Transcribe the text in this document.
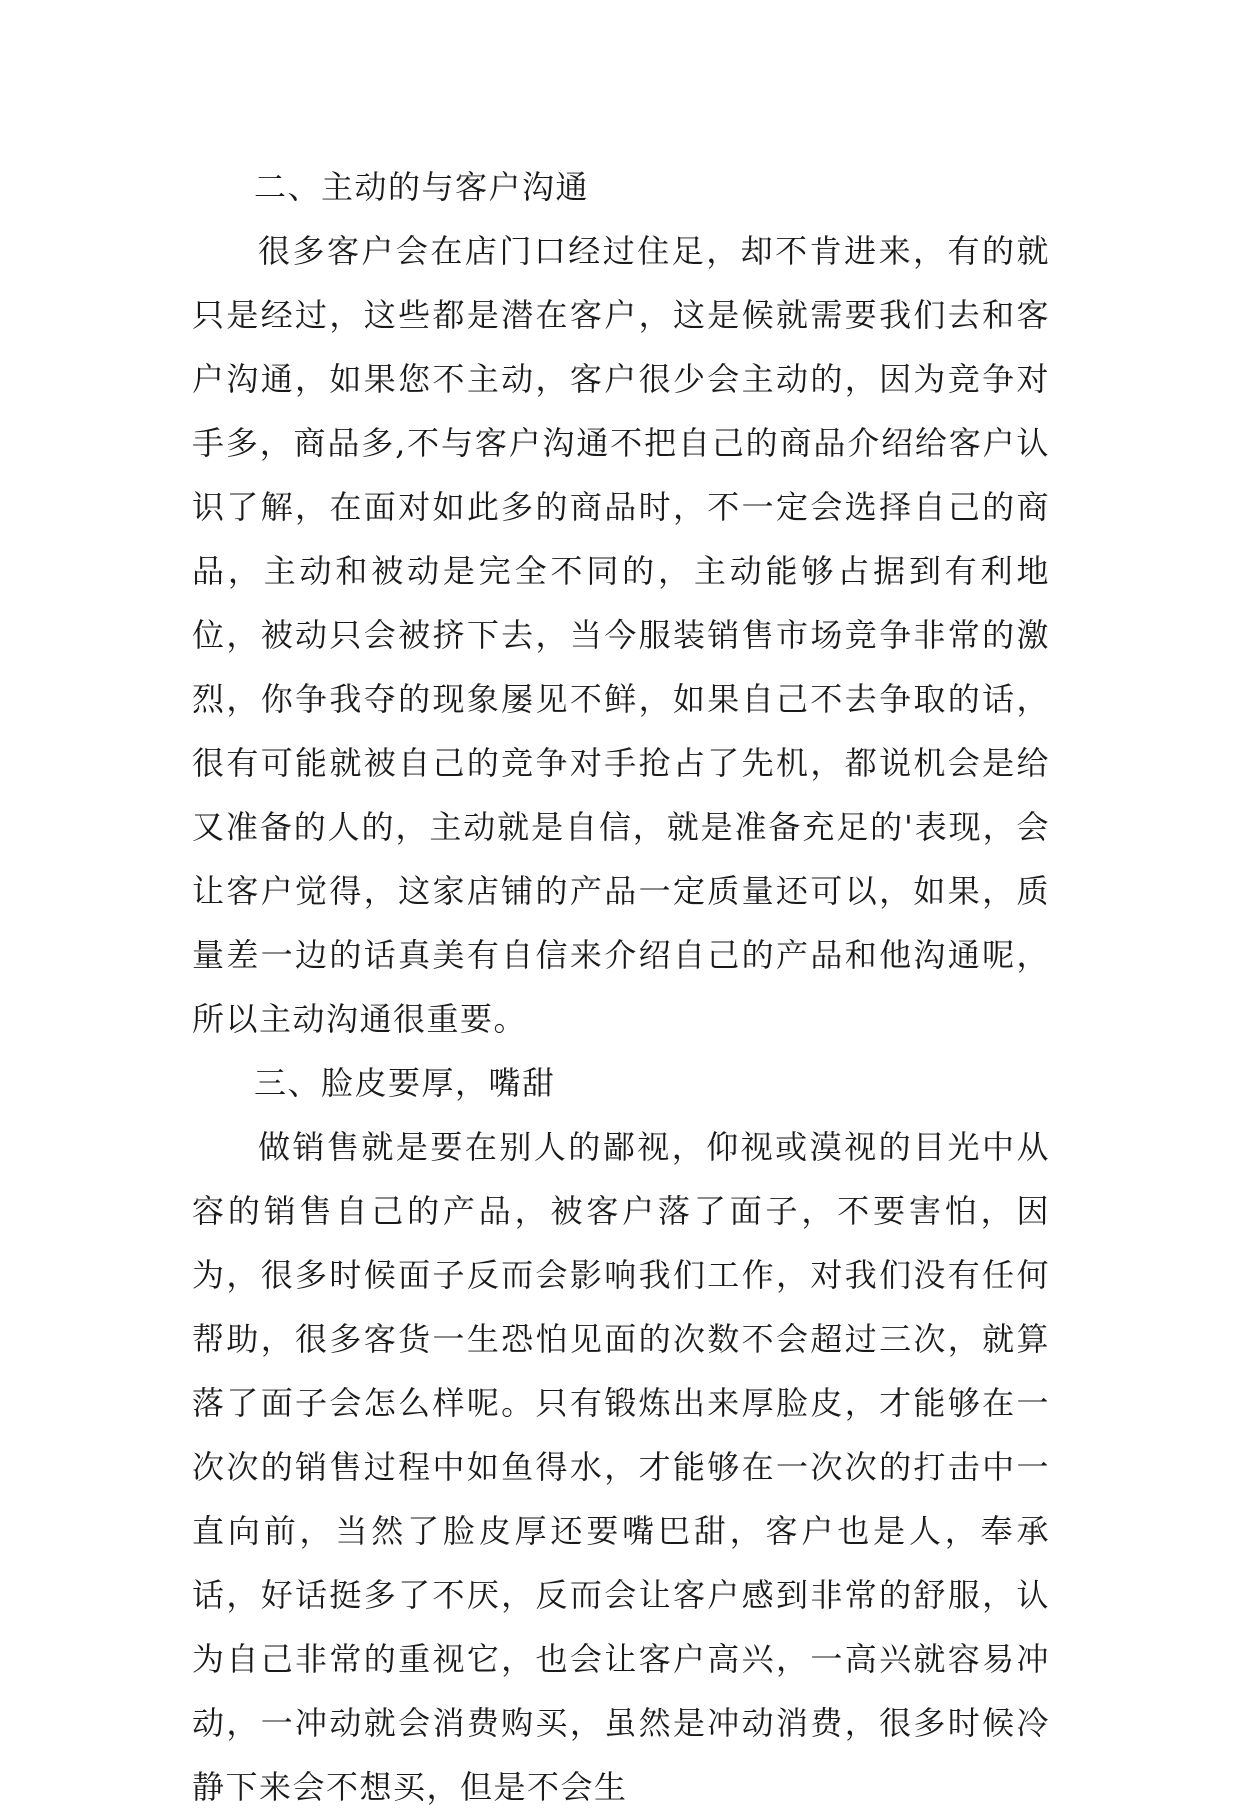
二、主动的与客户沟通

很多客户会在店门口经过住足，却不肯进来，有的就只是经过，这些都是潜在客户，这是候就需要我们去和客户沟通，如果您不主动，客户很少会主动的，因为竞争对手多，商品多,不与客户沟通不把自己的商品介绍给客户认识了解，在面对如此多的商品时，不一定会选择自己的商品，主动和被动是完全不同的，主动能够占据到有利地位，被动只会被挤下去，当今服装销售市场竞争非常的激烈，你争我夺的现象屡见不鲜，如果自己不去争取的话，很有可能就被自己的竞争对手抢占了先机，都说机会是给又准备的人的，主动就是自信，就是准备充足的'表现，会让客户觉得，这家店铺的产品一定质量还可以，如果，质量差一边的话真美有自信来介绍自己的产品和他沟通呢，所以主动沟通很重要。

三、脸皮要厚，嘴甜

做销售就是要在别人的鄙视，仰视或漠视的目光中从容的销售自己的产品，被客户落了面子，不要害怕，因为，很多时候面子反而会影响我们工作，对我们没有任何帮助，很多客货一生恐怕见面的次数不会超过三次，就算落了面子会怎么样呢。只有锻炼出来厚脸皮，才能够在一次次的销售过程中如鱼得水，才能够在一次次的打击中一直向前，当然了脸皮厚还要嘴巴甜，客户也是人，奉承话，好话挺多了不厌，反而会让客户感到非常的舒服，认为自己非常的重视它，也会让客户高兴，一高兴就容易冲动，一冲动就会消费购买，虽然是冲动消费，很多时候冷静下来会不想买，但是不会生
